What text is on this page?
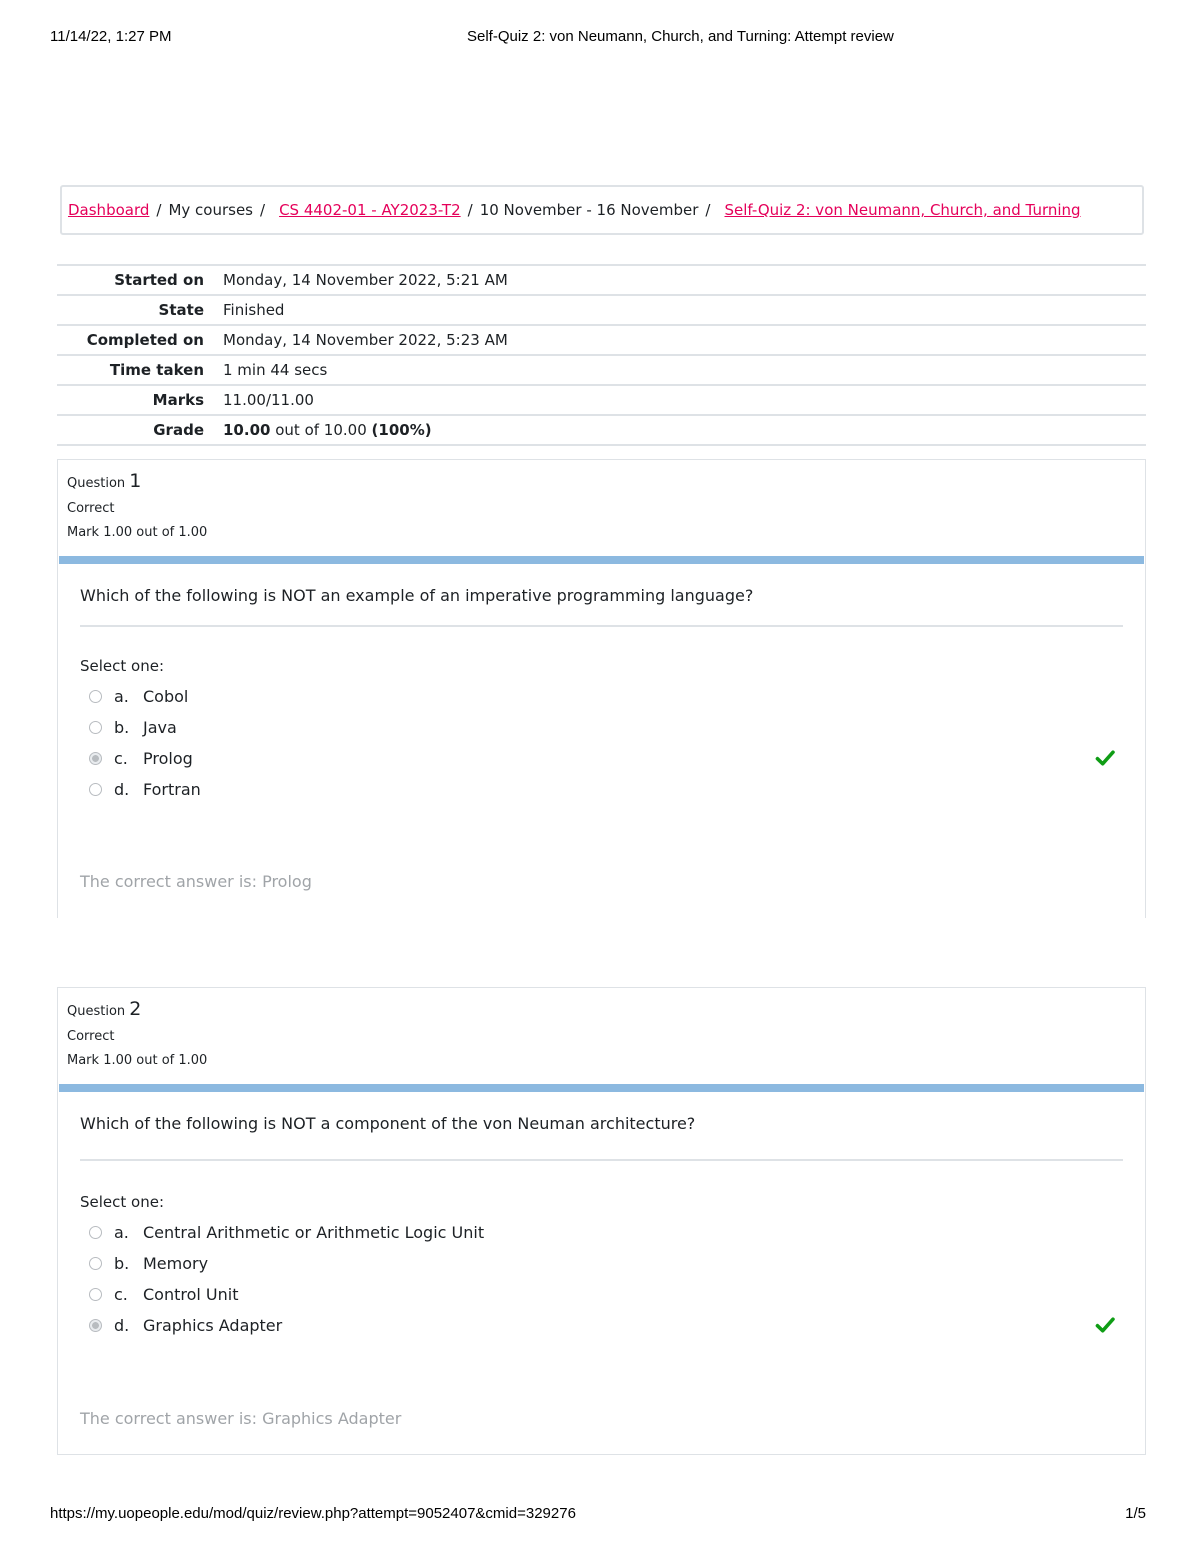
11/14/22, 1:27 PM	Self-Quiz 2: von Neumann, Church, and Turning: Attempt review
Dashboard / My courses / CS 4402-01 - AY2023-T2 / 10 November - 16 November / Self-Quiz 2: von Neumann, Church, and Turning
Started on	Monday, 14 November 2022, 5:21 AM
State	Finished
Completed on	Monday, 14 November 2022, 5:23 AM
Time taken	1 min 44 secs
Marks	11.00/11.00
Grade	10.00 out of 10.00 (100%)
Question 1
Correct
Mark 1.00 out of 1.00
Which of the following is NOT an example of an imperative programming language?
Select one:
a. Cobol
b. Java
c. Prolog
d. Fortran
The correct answer is: Prolog
Question 2
Correct
Mark 1.00 out of 1.00
Which of the following is NOT a component of the von Neuman architecture?
Select one:
a. Central Arithmetic or Arithmetic Logic Unit
b. Memory
c. Control Unit
d. Graphics Adapter
The correct answer is: Graphics Adapter
https://my.uopeople.edu/mod/quiz/review.php?attempt=9052407&cmid=329276	1/5
